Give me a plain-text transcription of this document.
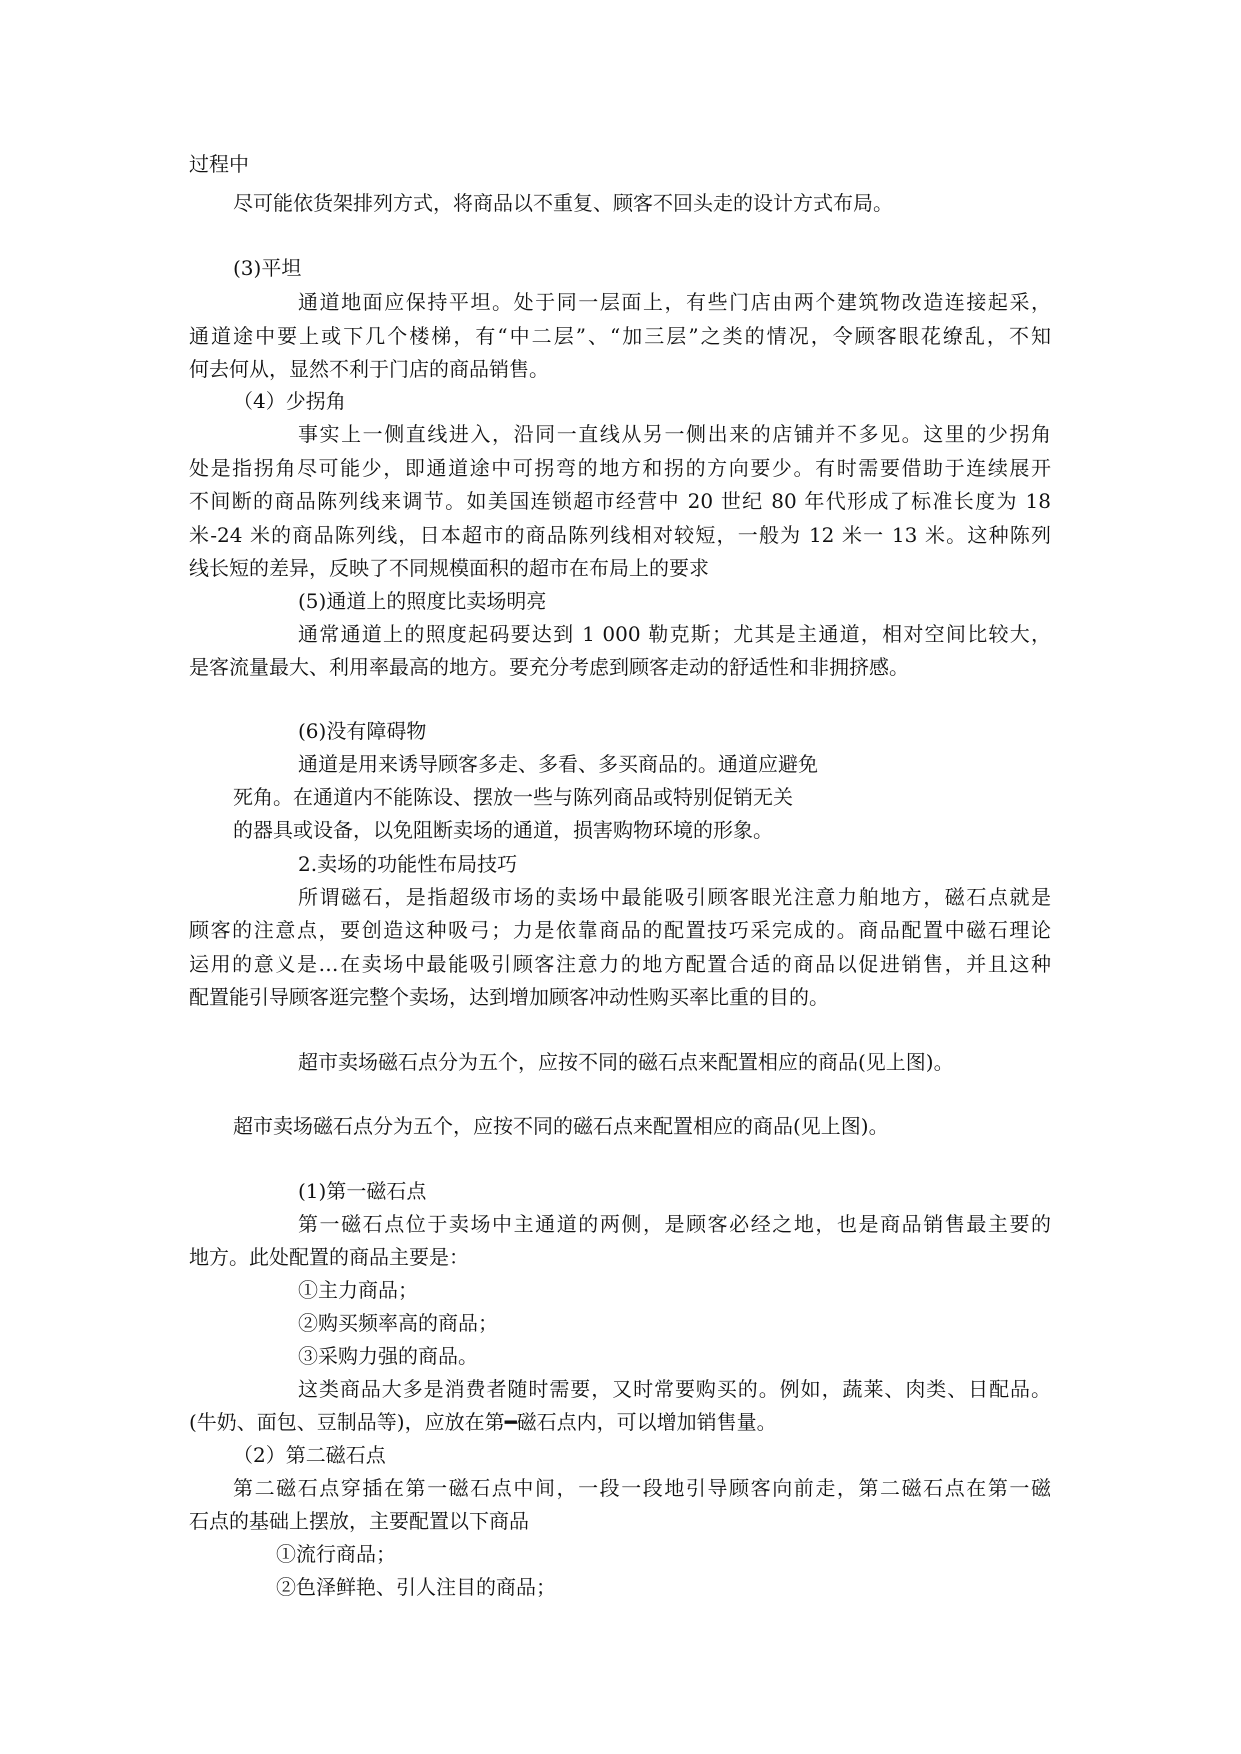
过程中
尽可能依货架排列方式，将商品以不重复、顾客不回头走的设计方式布局。
(3)平坦
通道地面应保持平坦。处于同一层面上，有些门店由两个建筑物改造连接起采，
通道途中要上或下几个楼梯，有“中二层”、“加三层”之类的情况，令顾客眼花缭乱，不知
何去何从，显然不利于门店的商品销售。
（4）少拐角
事实上一侧直线进入，沿同一直线从另一侧出来的店铺并不多见。这里的少拐角
处是指拐角尽可能少，即通道途中可拐弯的地方和拐的方向要少。有时需要借助于连续展开
不间断的商品陈列线来调节。如美国连锁超市经营中 20 世纪 80 年代形成了标准长度为 18
米-24 米的商品陈列线，日本超市的商品陈列线相对较短，一般为 12 米一 13 米。这种陈列
线长短的差异，反映了不同规模面积的超市在布局上的要求
(5)通道上的照度比卖场明亮
通常通道上的照度起码要达到 1 000 勒克斯；尤其是主通道，相对空间比较大，
是客流量最大、利用率最高的地方。要充分考虑到顾客走动的舒适性和非拥挤感。
(6)没有障碍物
通道是用来诱导顾客多走、多看、多买商品的。通道应避免
死角。在通道内不能陈设、摆放一些与陈列商品或特别促销无关
的器具或设备，以免阻断卖场的通道，损害购物环境的形象。
2.卖场的功能性布局技巧
所谓磁石，是指超级市场的卖场中最能吸引顾客眼光注意力舶地方，磁石点就是
顾客的注意点，要创造这种吸弓；力是依靠商品的配置技巧采完成的。商品配置中磁石理论
运用的意义是…在卖场中最能吸引顾客注意力的地方配置合适的商品以促进销售，并且这种
配置能引导顾客逛完整个卖场，达到增加顾客冲动性购买率比重的目的。
超市卖场磁石点分为五个，应按不同的磁石点来配置相应的商品(见上图)。
超市卖场磁石点分为五个，应按不同的磁石点来配置相应的商品(见上图)。
(1)第一磁石点
第一磁石点位于卖场中主通道的两侧，是顾客必经之地，也是商品销售最主要的
地方。此处配置的商品主要是：
①主力商品；
②购买频率高的商品；
③采购力强的商品。
这类商品大多是消费者随时需要，又时常要购买的。例如，蔬莱、肉类、日配品。
(牛奶、面包、豆制品等)，应放在第━磁石点内，可以增加销售量。
（2）第二磁石点
第二磁石点穿插在第一磁石点中间，一段一段地引导顾客向前走，第二磁石点在第一磁
石点的基础上摆放，主要配置以下商品
①流行商品；
②色泽鲜艳、引人注目的商品；
